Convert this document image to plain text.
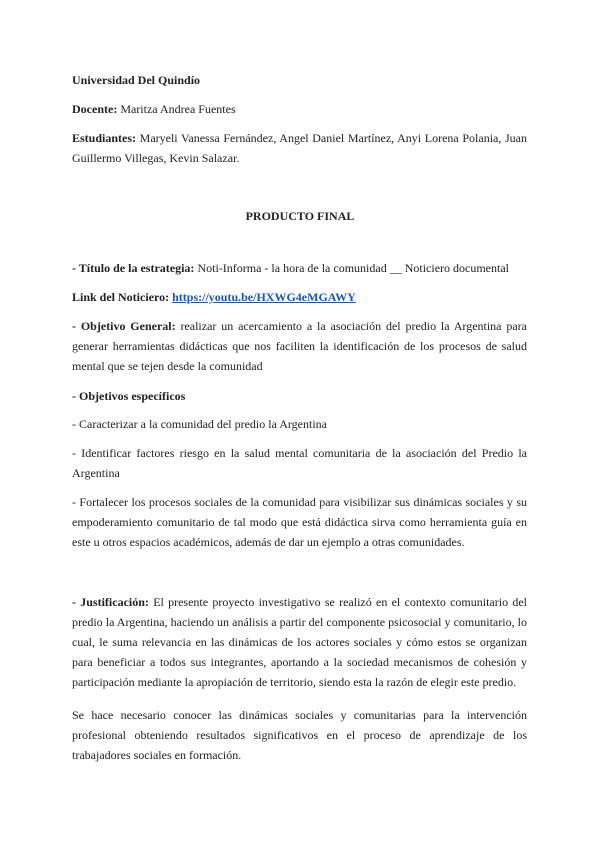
Universidad Del Quindío
Docente: Maritza Andrea Fuentes
Estudiantes: Maryeli Vanessa Fernández, Angel Daniel Martínez, Anyi Lorena Polania, Juan Guillermo Villegas, Kevin Salazar.
PRODUCTO FINAL
- Título de la estrategia: Noti-Informa - la hora de la comunidad __ Noticiero documental
Link del Noticiero: https://youtu.be/HXWG4eMGAWY
- Objetivo General: realizar un acercamiento a la asociación del predio la Argentina para generar herramientas didácticas que nos faciliten la identificación de los procesos de salud mental que se tejen desde la comunidad
- Objetivos específicos
- Caracterizar a la comunidad del predio la Argentina
- Identificar factores riesgo en la salud mental comunitaria de la asociación del Predio la Argentina
- Fortalecer los procesos sociales de la comunidad para visibilizar sus dinámicas sociales y su empoderamiento comunitario de tal modo que está didáctica sirva como herramienta guía en este u otros espacios académicos, además de dar un ejemplo a otras comunidades.
- Justificación: El presente proyecto investigativo se realizó en el contexto comunitario del predio la Argentina, haciendo un análisis a partir del componente psicosocial y comunitario, lo cual, le suma relevancia en las dinámicas de los actores sociales y cómo estos se organizan para beneficiar a todos sus integrantes, aportando a la sociedad mecanismos de cohesión y participación mediante la apropiación de territorio, siendo esta la razón de elegir este predio.
Se hace necesario conocer las dinámicas sociales y comunitarias para la intervención profesional obteniendo resultados significativos en el proceso de aprendizaje de los trabajadores sociales en formación.
